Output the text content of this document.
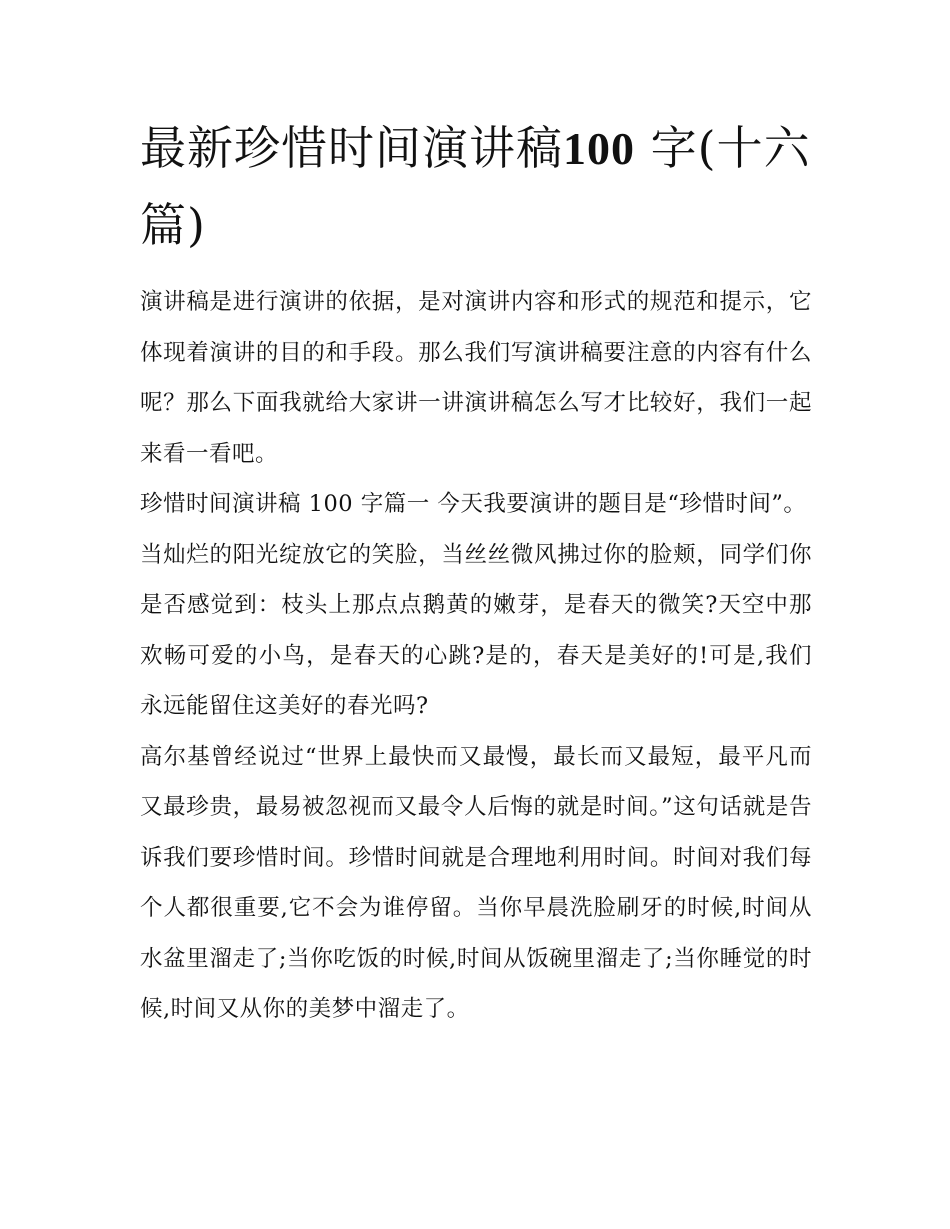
最新珍惜时间演讲稿100 字(十六篇)

演讲稿是进行演讲的依据，是对演讲内容和形式的规范和提示，它体现着演讲的目的和手段。那么我们写演讲稿要注意的内容有什么呢？那么下面我就给大家讲一讲演讲稿怎么写才比较好，我们一起来看一看吧。

珍惜时间演讲稿 100 字篇一 今天我要演讲的题目是“珍惜时间”。

当灿烂的阳光绽放它的笑脸，当丝丝微风拂过你的脸颊，同学们你是否感觉到：枝头上那点点鹅黄的嫩芽，是春天的微笑?天空中那欢畅可爱的小鸟，是春天的心跳?是的，春天是美好的!可是,我们永远能留住这美好的春光吗?

高尔基曾经说过“世界上最快而又最慢，最长而又最短，最平凡而又最珍贵，最易被忽视而又最令人后悔的就是时间。”这句话就是告诉我们要珍惜时间。珍惜时间就是合理地利用时间。时间对我们每个人都很重要,它不会为谁停留。当你早晨洗脸刷牙的时候,时间从水盆里溜走了;当你吃饭的时候,时间从饭碗里溜走了;当你睡觉的时候,时间又从你的美梦中溜走了。
